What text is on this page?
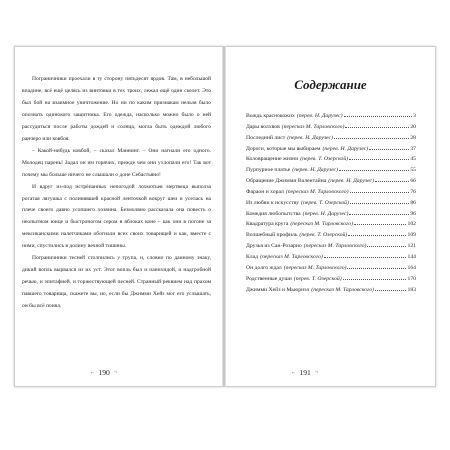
Пограничники проехали в ту сторону пятьдесят ярдов. Там, в небольшой впадине, всё ещё целясь из винтовки в тех троих, лежал ещё один скелет. Это был бой на взаимное уничтожение. Но ни по каким признакам нельзя было опознать одинокого защитника. Его одежда, насколько можно было о ней рассудиться после работы дождей и солнца, могла быть одеждой любого ранчеро или ковбоя.

– Какой-нибудь ковбой, – сказал Маннинг. – Они нагнали его одного. Молодец парень! Задал он им горячих, прежде чем они ухлопали его! Так вот почему мы больше ничего не слышали о доне Себастьяно!

И вдруг из-под истрёпанных непогодой лохмотьев мертвеца выполза рогатая лягушка с полинявшей красной ленточкой вокруг шеи и уселась на плече своего давно усопшего хозяина. Безмолвно рассказала она повесть о неопытном юнце и быстроногом сером в яблоках коне – как они в погоне за мексиканскими налетчиками обогнали всех своих товарищей и как, вместе с ними, спустились в долину вечной тишины.

Пограничники тесней столпились у трупа, и, словно по данному знаку, дикий вопль вырвался из их уст. Этот вопль был и панихидой, и надгробной речью, и эпитафией, и торжествующей песней. Странный реквием над прахом павшего товарища, скажете вы, но, если бы Джимми Хейз мог его услышать, он бы всё понял.

⌐ 190 ¬
Содержание
Вождь краснокожих (перев. Н. Дарузес)	3
Дары волхвов (пересказ М. Тарловского)	20
Последний лист (перев. Н. Дарузес)	28
Дороги, которые мы выбираем (перев. Н. Дарузес)	37
Коловращение жизни (перев. Т. Озерской)	45
Пурпурное платье (перев. Н. Дарузес)	55
Обращение Джимми Валентайна (перев. Н. Дарузес)	66
Фараон и хорал (пересказ М. Тарловского)	76
Из любви к искусству (перев. Т. Озерской)	86
Комедия любопытства (перев. Н. Дарузес)	96
Квадратура круга (пересказ М. Тарловского)	102
Волшебный профиль (перев. Т. Озерской)	109
Друзья из Сан-Розарио (пересказ М. Тарловского)	121
Клад (пересказ М. Тарловского)	144
Он долго ждал (пересказ М. Тарловского)	164
Родственные души (перев. Т. Озерской)	170
Джимми Хейз и Мьюриэл (пересказ М. Тарловского)	183
⌐ 191 ¬
